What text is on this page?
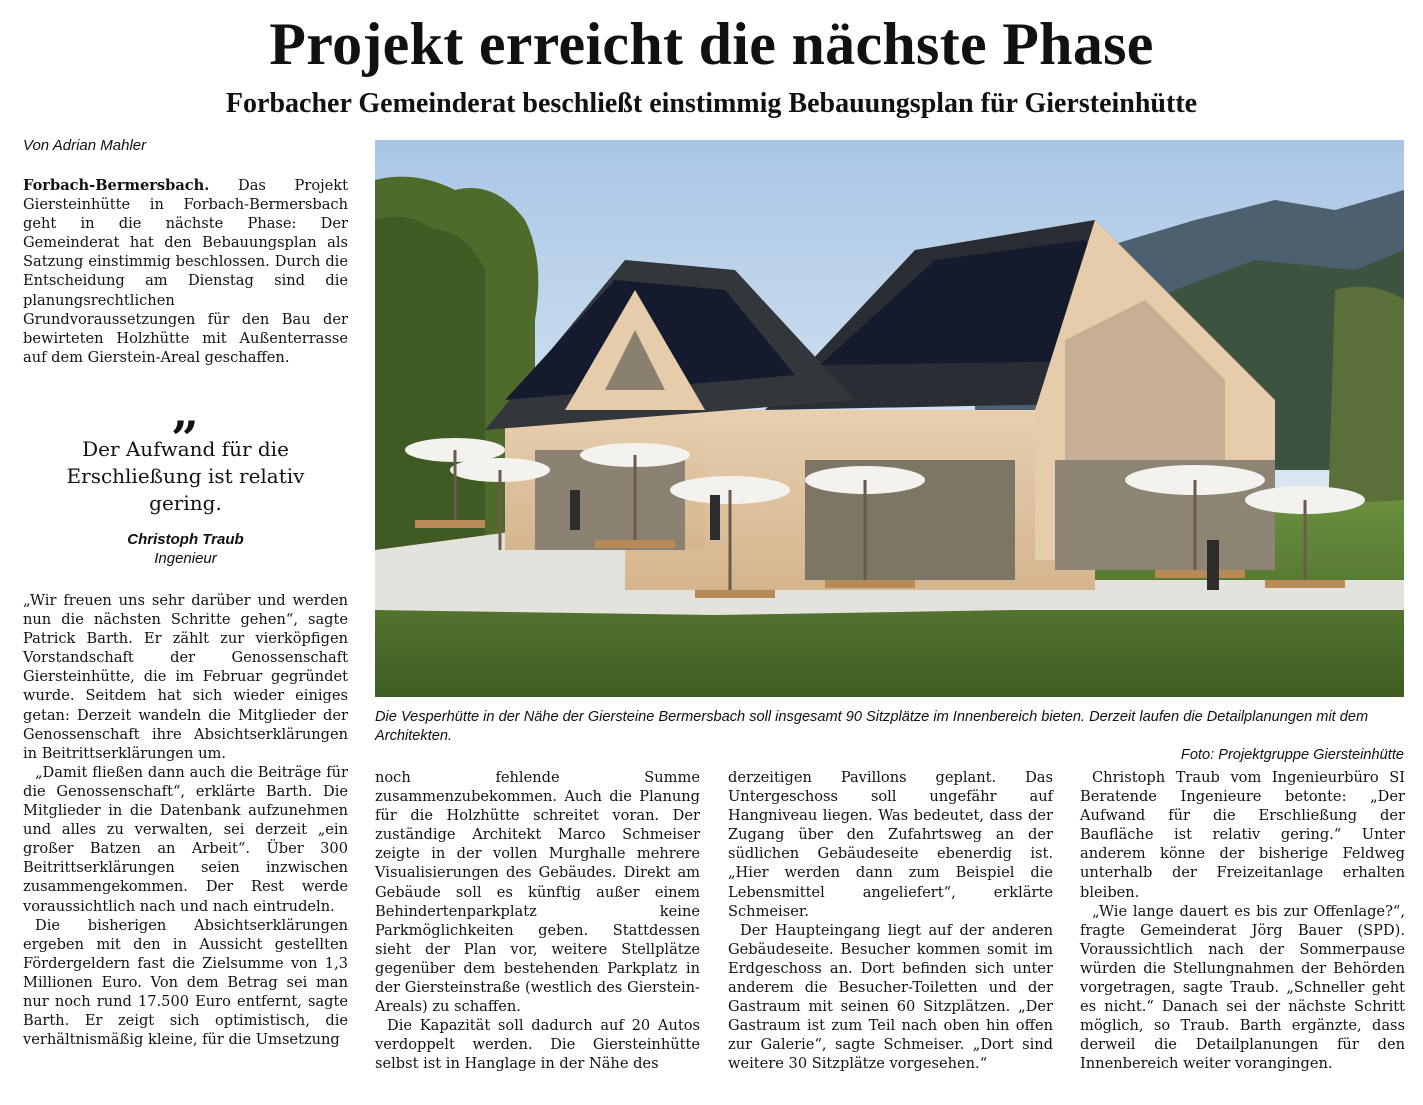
Projekt erreicht die nächste Phase
Forbacher Gemeinderat beschließt einstimmig Bebauungsplan für Giersteinhütte
Von Adrian Mahler

Forbach-Bermersbach. Das Projekt Giersteinhütte in Forbach-Bermersbach geht in die nächste Phase: Der Gemeinderat hat den Bebauungsplan als Satzung einstimmig beschlossen. Durch die Entscheidung am Dienstag sind die planungsrechtlichen Grundvoraussetzungen für den Bau der bewirteten Holzhütte mit Außenterrasse auf dem Gierstein-Areal geschaffen.

„
Der Aufwand für die Erschließung ist relativ gering.
Christoph Traub
Ingenieur

„Wir freuen uns sehr darüber und werden nun die nächsten Schritte gehen“, sagte Patrick Barth. Er zählt zur vierköpfigen Vorstandschaft der Genossenschaft Giersteinhütte, die im Februar gegründet wurde. Seitdem hat sich wieder einiges getan: Derzeit wandeln die Mitglieder der Genossenschaft ihre Absichtserklärungen in Beitrittserklärungen um.

„Damit fließen dann auch die Beiträge für die Genossenschaft“, erklärte Barth. Die Mitglieder in die Datenbank aufzunehmen und alles zu verwalten, sei derzeit „ein großer Batzen an Arbeit“. Über 300 Beitrittserklärungen seien inzwischen zusammengekommen. Der Rest werde voraussichtlich nach und nach eintrudeln.

Die bisherigen Absichtserklärungen ergeben mit den in Aussicht gestellten Fördergeldern fast die Zielsumme von 1,3 Millionen Euro. Von dem Betrag sei man nur noch rund 17.500 Euro entfernt, sagte Barth. Er zeigt sich optimistisch, die verhältnismäßig kleine, für die Umsetzung

Die Vesperhütte in der Nähe der Giersteine Bermersbach soll insgesamt 90 Sitzplätze im Innenbereich bieten. Derzeit laufen die Detailplanungen mit dem Architekten.
Foto: Projektgruppe Giersteinhütte

noch fehlende Summe zusammenzubekommen. Auch die Planung für die Holzhütte schreitet voran. Der zuständige Architekt Marco Schmeiser zeigte in der vollen Murghalle mehrere Visualisierungen des Gebäudes. Direkt am Gebäude soll es künftig außer einem Behindertenparkplatz keine Parkmöglichkeiten geben. Stattdessen sieht der Plan vor, weitere Stellplätze gegenüber dem bestehenden Parkplatz in der Giersteinstraße (westlich des Gierstein-Areals) zu schaffen.

Die Kapazität soll dadurch auf 20 Autos verdoppelt werden. Die Giersteinhütte selbst ist in Hanglage in der Nähe des

derzeitigen Pavillons geplant. Das Untergeschoss soll ungefähr auf Hangniveau liegen. Was bedeutet, dass der Zugang über den Zufahrtsweg an der südlichen Gebäudeseite ebenerdig ist. „Hier werden dann zum Beispiel die Lebensmittel angeliefert“, erklärte Schmeiser.

Der Haupteingang liegt auf der anderen Gebäudeseite. Besucher kommen somit im Erdgeschoss an. Dort befinden sich unter anderem die Besucher-Toiletten und der Gastraum mit seinen 60 Sitzplätzen. „Der Gastraum ist zum Teil nach oben hin offen zur Galerie“, sagte Schmeiser. „Dort sind weitere 30 Sitzplätze vorgesehen.“

Christoph Traub vom Ingenieurbüro SI Beratende Ingenieure betonte: „Der Aufwand für die Erschließung der Baufläche ist relativ gering.“ Unter anderem könne der bisherige Feldweg unterhalb der Freizeitanlage erhalten bleiben.

„Wie lange dauert es bis zur Offenlage?“, fragte Gemeinderat Jörg Bauer (SPD). Voraussichtlich nach der Sommerpause würden die Stellungnahmen der Behörden vorgetragen, sagte Traub. „Schneller geht es nicht.“ Danach sei der nächste Schritt möglich, so Traub. Barth ergänzte, dass derweil die Detailplanungen für den Innenbereich weiter vorangingen.
